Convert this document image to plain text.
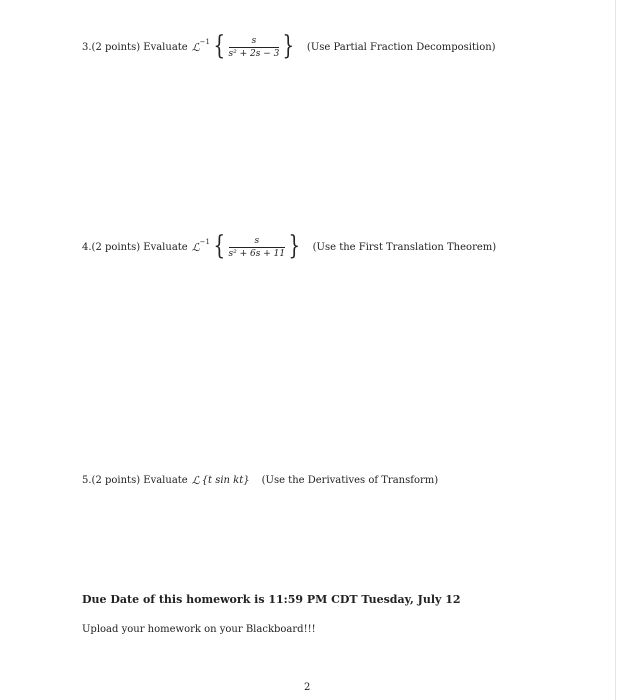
3.(2 points) Evaluate ℒ −1 { $\frac{s}{\text{s² + 2s − 3}}$ } (Use Partial Fraction Decomposition)
4.(2 points) Evaluate ℒ −1 { $\frac{s}{\text{s² + 6s + 11}}$ } (Use the First Translation Theorem)
5.(2 points) Evaluate ℒ {t sin kt} (Use the Derivatives of Transform)
Due Date of this homework is 11:59 PM CDT Tuesday, July 12
Upload your homework on your Blackboard!!!
2
